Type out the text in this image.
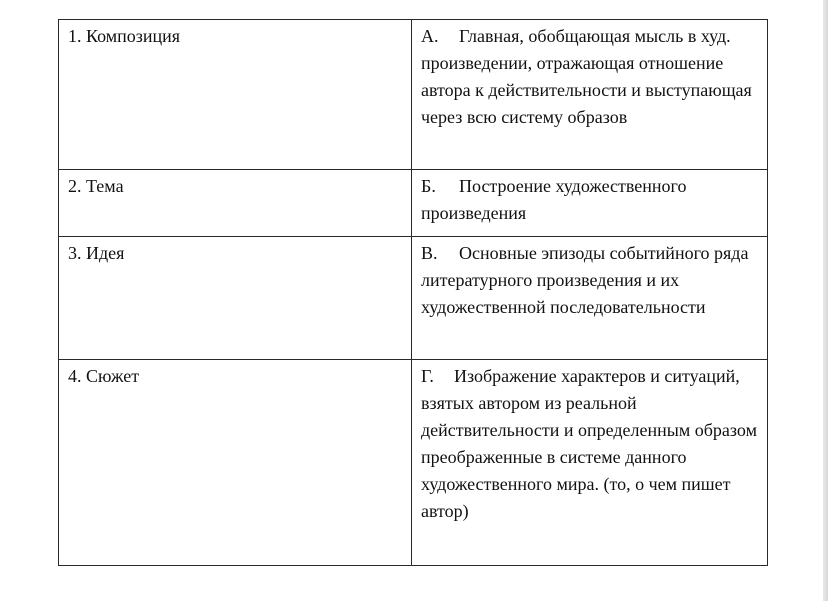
1. Композиция	А. Главная, обобщающая мысль в худ. произведении, отражающая отношение автора к действительности и выступающая через всю систему образов
2. Тема	Б. Построение художественного произведения
3. Идея	В. Основные эпизоды событийного ряда литературного произведения и их художественной последовательности
4. Сюжет	Г. Изображение характеров и ситуаций, взятых автором из реальной действительности и определенным образом преображенные в системе данного художественного мира. (то, о чем пишет автор)
